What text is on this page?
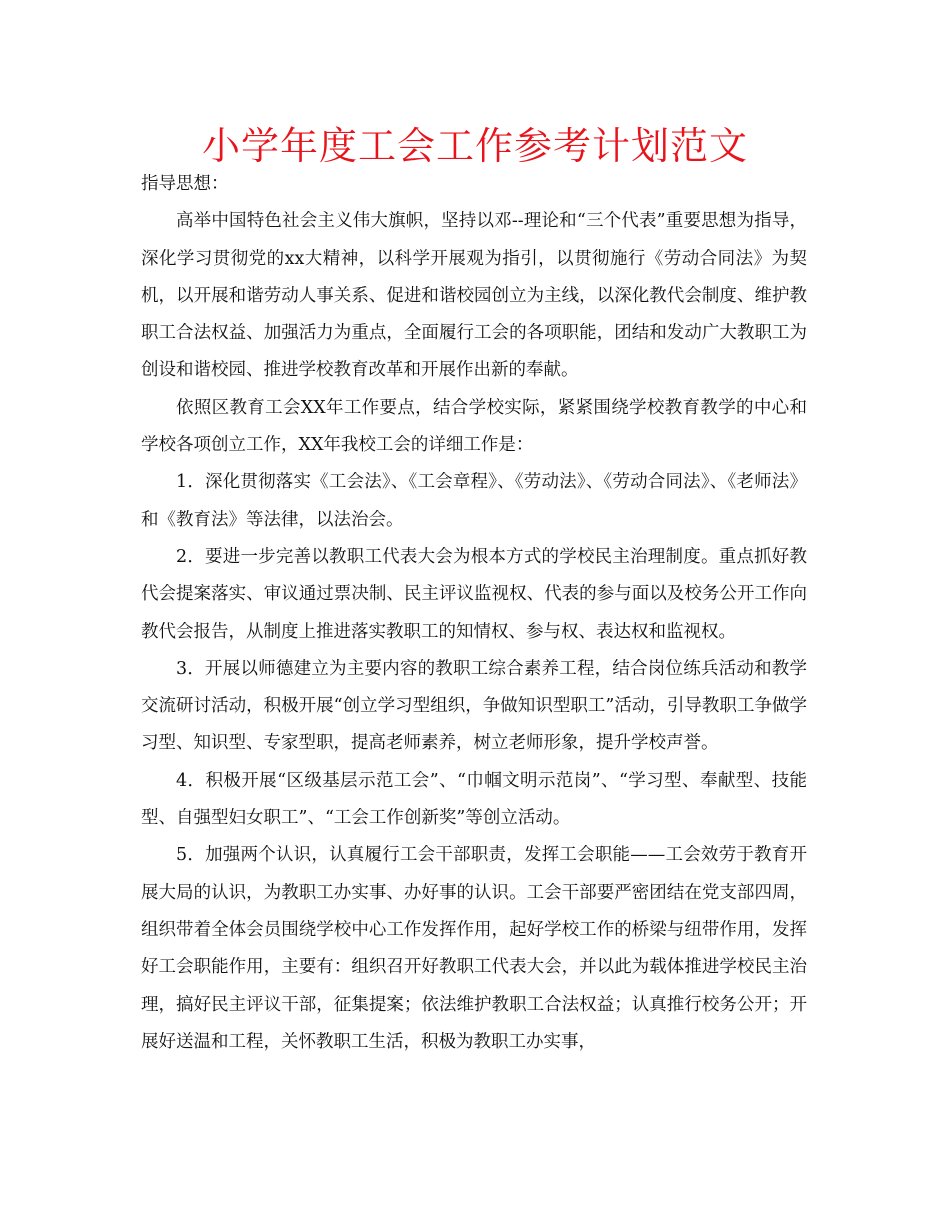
小学年度工会工作参考计划范文

指导思想：

高举中国特色社会主义伟大旗帜，坚持以邓--理论和“三个代表”重要思想为指导，深化学习贯彻党的xx大精神，以科学开展观为指引，以贯彻施行《劳动合同法》为契机，以开展和谐劳动人事关系、促进和谐校园创立为主线，以深化教代会制度、维护教职工合法权益、加强活力为重点，全面履行工会的各项职能，团结和发动广大教职工为创设和谐校园、推进学校教育改革和开展作出新的奉献。

依照区教育工会XX年工作要点，结合学校实际，紧紧围绕学校教育教学的中心和学校各项创立工作，XX年我校工会的详细工作是：

1．深化贯彻落实《工会法》、《工会章程》、《劳动法》、《劳动合同法》、《老师法》和《教育法》等法律，以法治会。

2．要进一步完善以教职工代表大会为根本方式的学校民主治理制度。重点抓好教代会提案落实、审议通过票决制、民主评议监视权、代表的参与面以及校务公开工作向教代会报告，从制度上推进落实教职工的知情权、参与权、表达权和监视权。

3．开展以师德建立为主要内容的教职工综合素养工程，结合岗位练兵活动和教学交流研讨活动，积极开展“创立学习型组织，争做知识型职工”活动，引导教职工争做学习型、知识型、专家型职，提高老师素养，树立老师形象，提升学校声誉。

4．积极开展“区级基层示范工会”、“巾帼文明示范岗”、“学习型、奉献型、技能型、自强型妇女职工”、“工会工作创新奖”等创立活动。

5．加强两个认识，认真履行工会干部职责，发挥工会职能——工会效劳于教育开展大局的认识，为教职工办实事、办好事的认识。工会干部要严密团结在党支部四周，组织带着全体会员围绕学校中心工作发挥作用，起好学校工作的桥梁与纽带作用，发挥好工会职能作用，主要有：组织召开好教职工代表大会，并以此为载体推进学校民主治理，搞好民主评议干部，征集提案；依法维护教职工合法权益；认真推行校务公开；开展好送温和工程，关怀教职工生活，积极为教职工办实事，
